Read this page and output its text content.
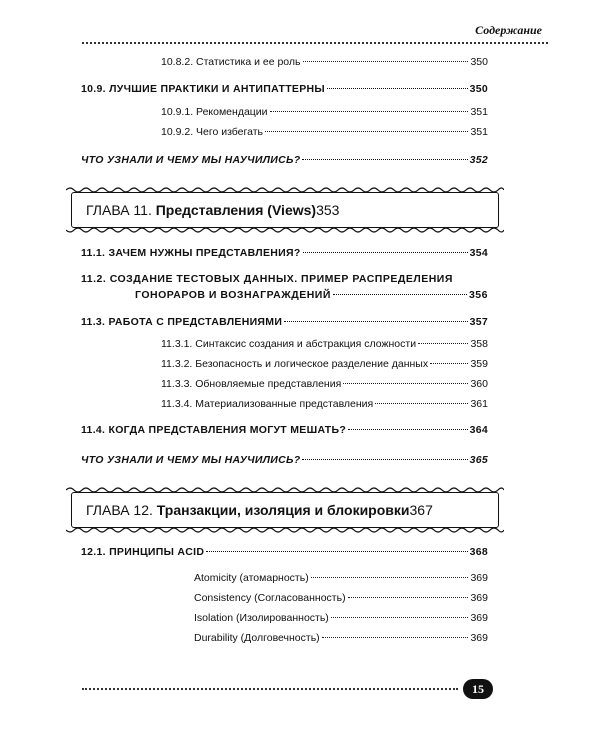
Содержание
10.8.2. Статистика и ее роль	350
10.9. ЛУЧШИЕ ПРАКТИКИ И АНТИПАТТЕРНЫ	350
10.9.1. Рекомендации	351
10.9.2. Чего избегать	351
ЧТО УЗНАЛИ И ЧЕМУ МЫ НАУЧИЛИСЬ?	352
ГЛАВА 11. Представления (Views) 353
11.1. ЗАЧЕМ НУЖНЫ ПРЕДСТАВЛЕНИЯ?	354
11.2. СОЗДАНИЕ ТЕСТОВЫХ ДАННЫХ. ПРИМЕР РАСПРЕДЕЛЕНИЯ
ГОНОРАРОВ И ВОЗНАГРАЖДЕНИЙ	356
11.3. РАБОТА С ПРЕДСТАВЛЕНИЯМИ	357
11.3.1. Синтаксис создания и абстракция сложности	358
11.3.2. Безопасность и логическое разделение данных	359
11.3.3. Обновляемые представления	360
11.3.4. Материализованные представления	361
11.4. КОГДА ПРЕДСТАВЛЕНИЯ МОГУТ МЕШАТЬ?	364
ЧТО УЗНАЛИ И ЧЕМУ МЫ НАУЧИЛИСЬ?	365
ГЛАВА 12. Транзакции, изоляция и блокировки 367
12.1. ПРИНЦИПЫ ACID	368
Atomicity (атомарность)	369
Consistency (Согласованность)	369
Isolation (Изолированность)	369
Durability (Долговечность)	369
15
